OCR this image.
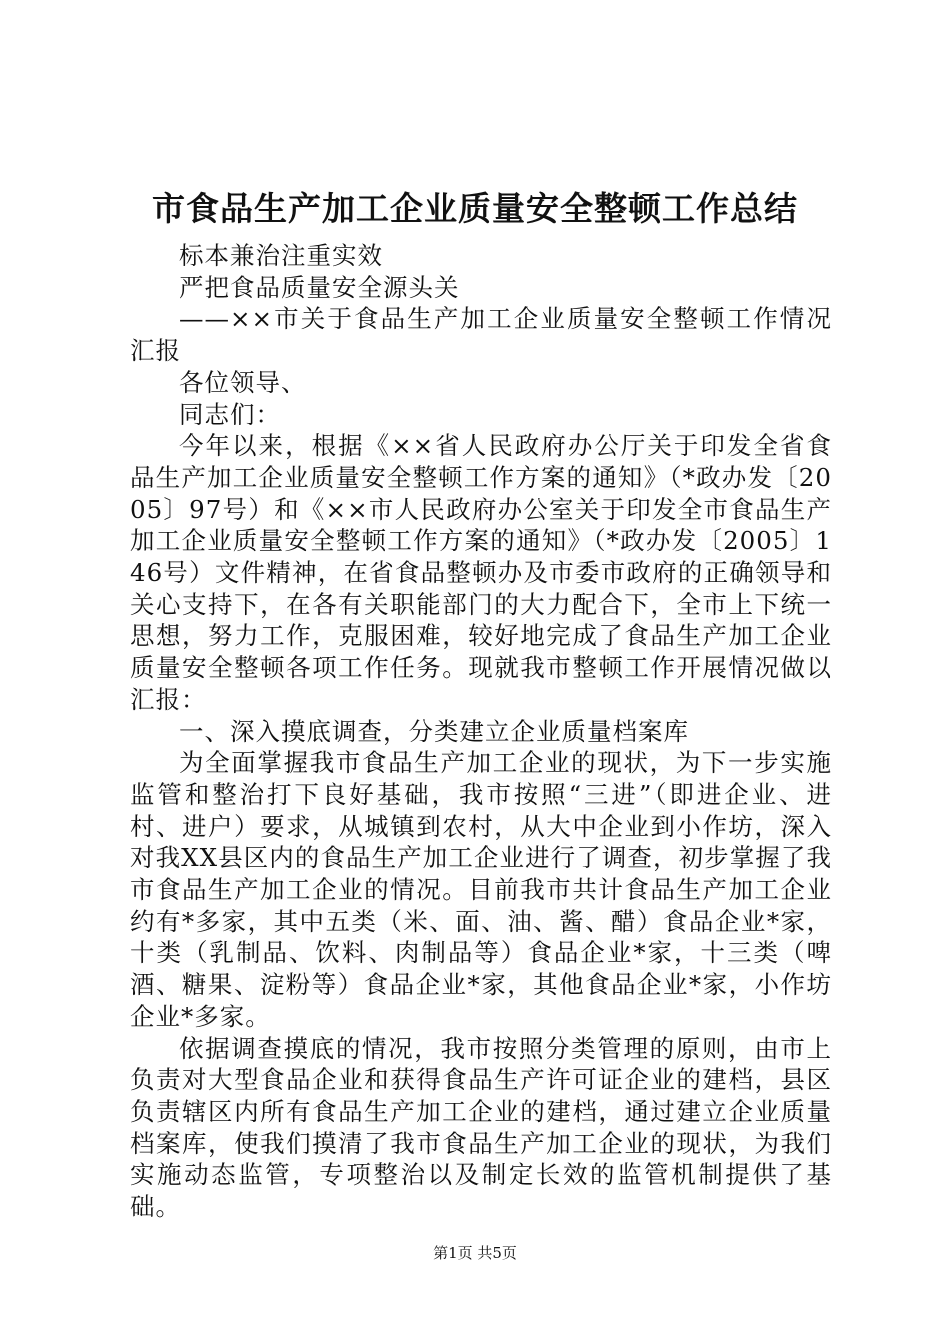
市食品生产加工企业质量安全整顿工作总结

标本兼治注重实效

严把食品质量安全源头关

——××市关于食品生产加工企业质量安全整顿工作情况汇报

各位领导、

同志们：

今年以来，根据《××省人民政府办公厅关于印发全省食品生产加工企业质量安全整顿工作方案的通知》（*政办发〔2005〕97号）和《××市人民政府办公室关于印发全市食品生产加工企业质量安全整顿工作方案的通知》（*政办发〔2005〕146号）文件精神，在省食品整顿办及市委市政府的正确领导和关心支持下，在各有关职能部门的大力配合下，全市上下统一思想，努力工作，克服困难，较好地完成了食品生产加工企业质量安全整顿各项工作任务。现就我市整顿工作开展情况做以汇报：

一、深入摸底调查，分类建立企业质量档案库

为全面掌握我市食品生产加工企业的现状，为下一步实施监管和整治打下良好基础，我市按照“三进”（即进企业、进村、进户）要求，从城镇到农村，从大中企业到小作坊，深入对我XX县区内的食品生产加工企业进行了调查，初步掌握了我市食品生产加工企业的情况。目前我市共计食品生产加工企业约有*多家，其中五类（米、面、油、酱、醋）食品企业*家，十类（乳制品、饮料、肉制品等）食品企业*家，十三类（啤酒、糖果、淀粉等）食品企业*家，其他食品企业*家，小作坊企业*多家。

依据调查摸底的情况，我市按照分类管理的原则，由市上负责对大型食品企业和获得食品生产许可证企业的建档，县区负责辖区内所有食品生产加工企业的建档，通过建立企业质量档案库，使我们摸清了我市食品生产加工企业的现状，为我们实施动态监管，专项整治以及制定长效的监管机制提供了基础。

第1页 共5页
